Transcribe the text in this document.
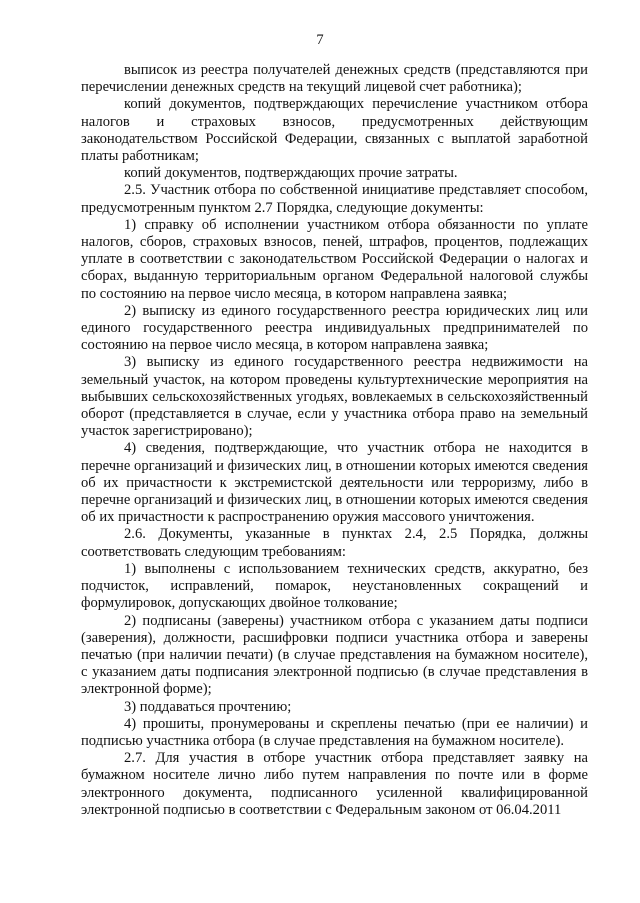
7

выписок из реестра получателей денежных средств (представляются при перечислении денежных средств на текущий лицевой счет работника);

копий документов, подтверждающих перечисление участником отбора налогов и страховых взносов, предусмотренных действующим законодательством Российской Федерации, связанных с выплатой заработной платы работникам;

копий документов, подтверждающих прочие затраты.

2.5. Участник отбора по собственной инициативе представляет способом, предусмотренным пунктом 2.7 Порядка, следующие документы:

1) справку об исполнении участником отбора обязанности по уплате налогов, сборов, страховых взносов, пеней, штрафов, процентов, подлежащих уплате в соответствии с законодательством Российской Федерации о налогах и сборах, выданную территориальным органом Федеральной налоговой службы по состоянию на первое число месяца, в котором направлена заявка;

2) выписку из единого государственного реестра юридических лиц или единого государственного реестра индивидуальных предпринимателей по состоянию на первое число месяца, в котором направлена заявка;

3) выписку из единого государственного реестра недвижимости на земельный участок, на котором проведены культуртехнические мероприятия на выбывших сельскохозяйственных угодьях, вовлекаемых в сельскохозяйственный оборот (представляется в случае, если у участника отбора право на земельный участок зарегистрировано);

4) сведения, подтверждающие, что участник отбора не находится в перечне организаций и физических лиц, в отношении которых имеются сведения об их причастности к экстремистской деятельности или терроризму, либо в перечне организаций и физических лиц, в отношении которых имеются сведения об их причастности к распространению оружия массового уничтожения.

2.6. Документы, указанные в пунктах 2.4, 2.5 Порядка, должны соответствовать следующим требованиям:

1) выполнены с использованием технических средств, аккуратно, без подчисток, исправлений, помарок, неустановленных сокращений и формулировок, допускающих двойное толкование;

2) подписаны (заверены) участником отбора с указанием даты подписи (заверения), должности, расшифровки подписи участника отбора и заверены печатью (при наличии печати) (в случае представления на бумажном носителе), с указанием даты подписания электронной подписью (в случае представления в электронной форме);

3) поддаваться прочтению;

4) прошиты, пронумерованы и скреплены печатью (при ее наличии) и подписью участника отбора (в случае представления на бумажном носителе).

2.7. Для участия в отборе участник отбора представляет заявку на бумажном носителе лично либо путем направления по почте или в форме электронного документа, подписанного усиленной квалифицированной электронной подписью в соответствии с Федеральным законом от 06.04.2011
